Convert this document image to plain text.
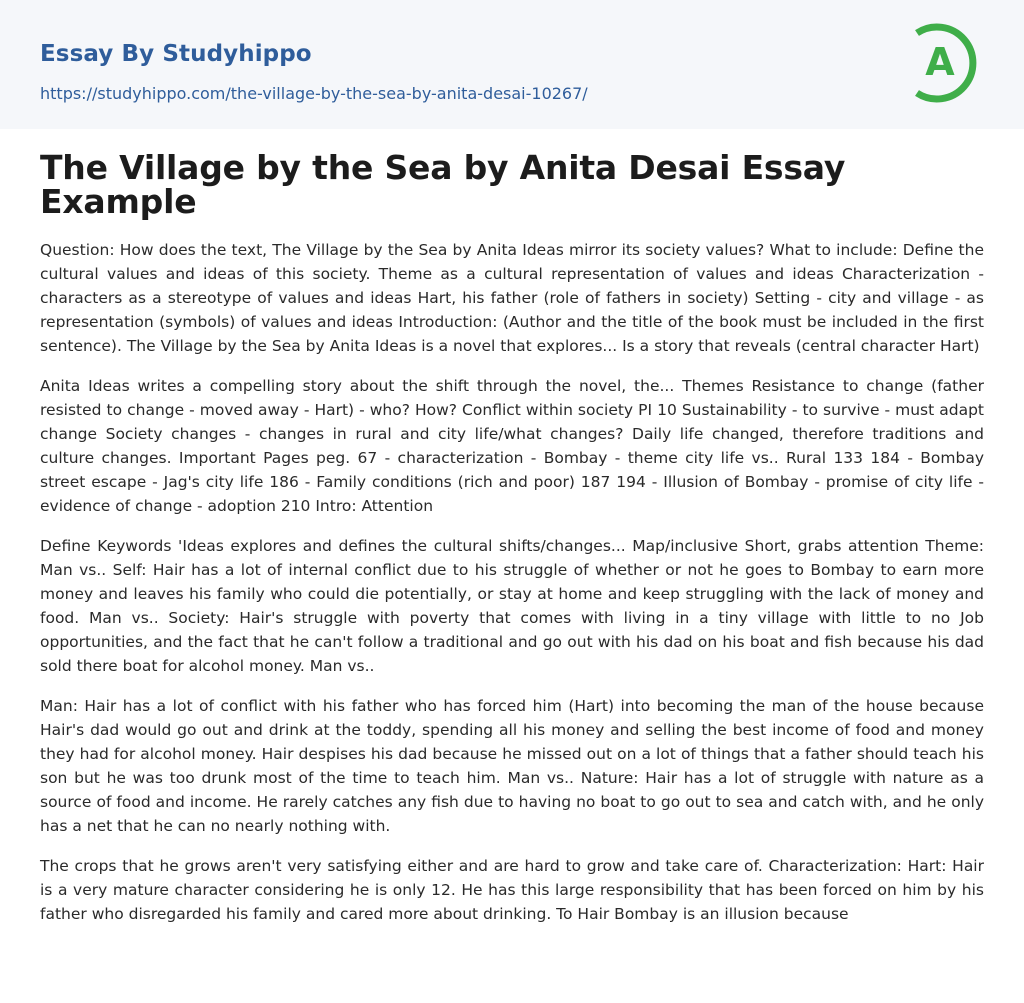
Essay By Studyhippo
https://studyhippo.com/the-village-by-the-sea-by-anita-desai-10267/
A
The Village by the Sea by Anita Desai Essay Example

Question: How does the text, The Village by the Sea by Anita Ideas mirror its society values? What to include: Define the cultural values and ideas of this society. Theme as a cultural representation of values and ideas Characterization - characters as a stereotype of values and ideas Hart, his father (role of fathers in society) Setting - city and village - as representation (symbols) of values and ideas Introduction: (Author and the title of the book must be included in the first sentence). The Village by the Sea by Anita Ideas is a novel that explores... Is a story that reveals (central character Hart)

Anita Ideas writes a compelling story about the shift through the novel, the... Themes Resistance to change (father resisted to change - moved away - Hart) - who? How? Conflict within society PI 10 Sustainability - to survive - must adapt change Society changes - changes in rural and city life/what changes? Daily life changed, therefore traditions and culture changes. Important Pages peg. 67 - characterization - Bombay - theme city life vs.. Rural 133 184 - Bombay street escape - Jag's city life 186 - Family conditions (rich and poor) 187 194 - Illusion of Bombay - promise of city life - evidence of change - adoption 210 Intro: Attention

Define Keywords 'Ideas explores and defines the cultural shifts/changes... Map/inclusive Short, grabs attention Theme: Man vs.. Self: Hair has a lot of internal conflict due to his struggle of whether or not he goes to Bombay to earn more money and leaves his family who could die potentially, or stay at home and keep struggling with the lack of money and food. Man vs.. Society: Hair's struggle with poverty that comes with living in a tiny village with little to no Job opportunities, and the fact that he can't follow a traditional and go out with his dad on his boat and fish because his dad sold there boat for alcohol money. Man vs..

Man: Hair has a lot of conflict with his father who has forced him (Hart) into becoming the man of the house because Hair's dad would go out and drink at the toddy, spending all his money and selling the best income of food and money they had for alcohol money. Hair despises his dad because he missed out on a lot of things that a father should teach his son but he was too drunk most of the time to teach him. Man vs.. Nature: Hair has a lot of struggle with nature as a source of food and income. He rarely catches any fish due to having no boat to go out to sea and catch with, and he only has a net that he can no nearly nothing with.

The crops that he grows aren't very satisfying either and are hard to grow and take care of. Characterization: Hart: Hair is a very mature character considering he is only 12. He has this large responsibility that has been forced on him by his father who disregarded his family and cared more about drinking. To Hair Bombay is an illusion because
